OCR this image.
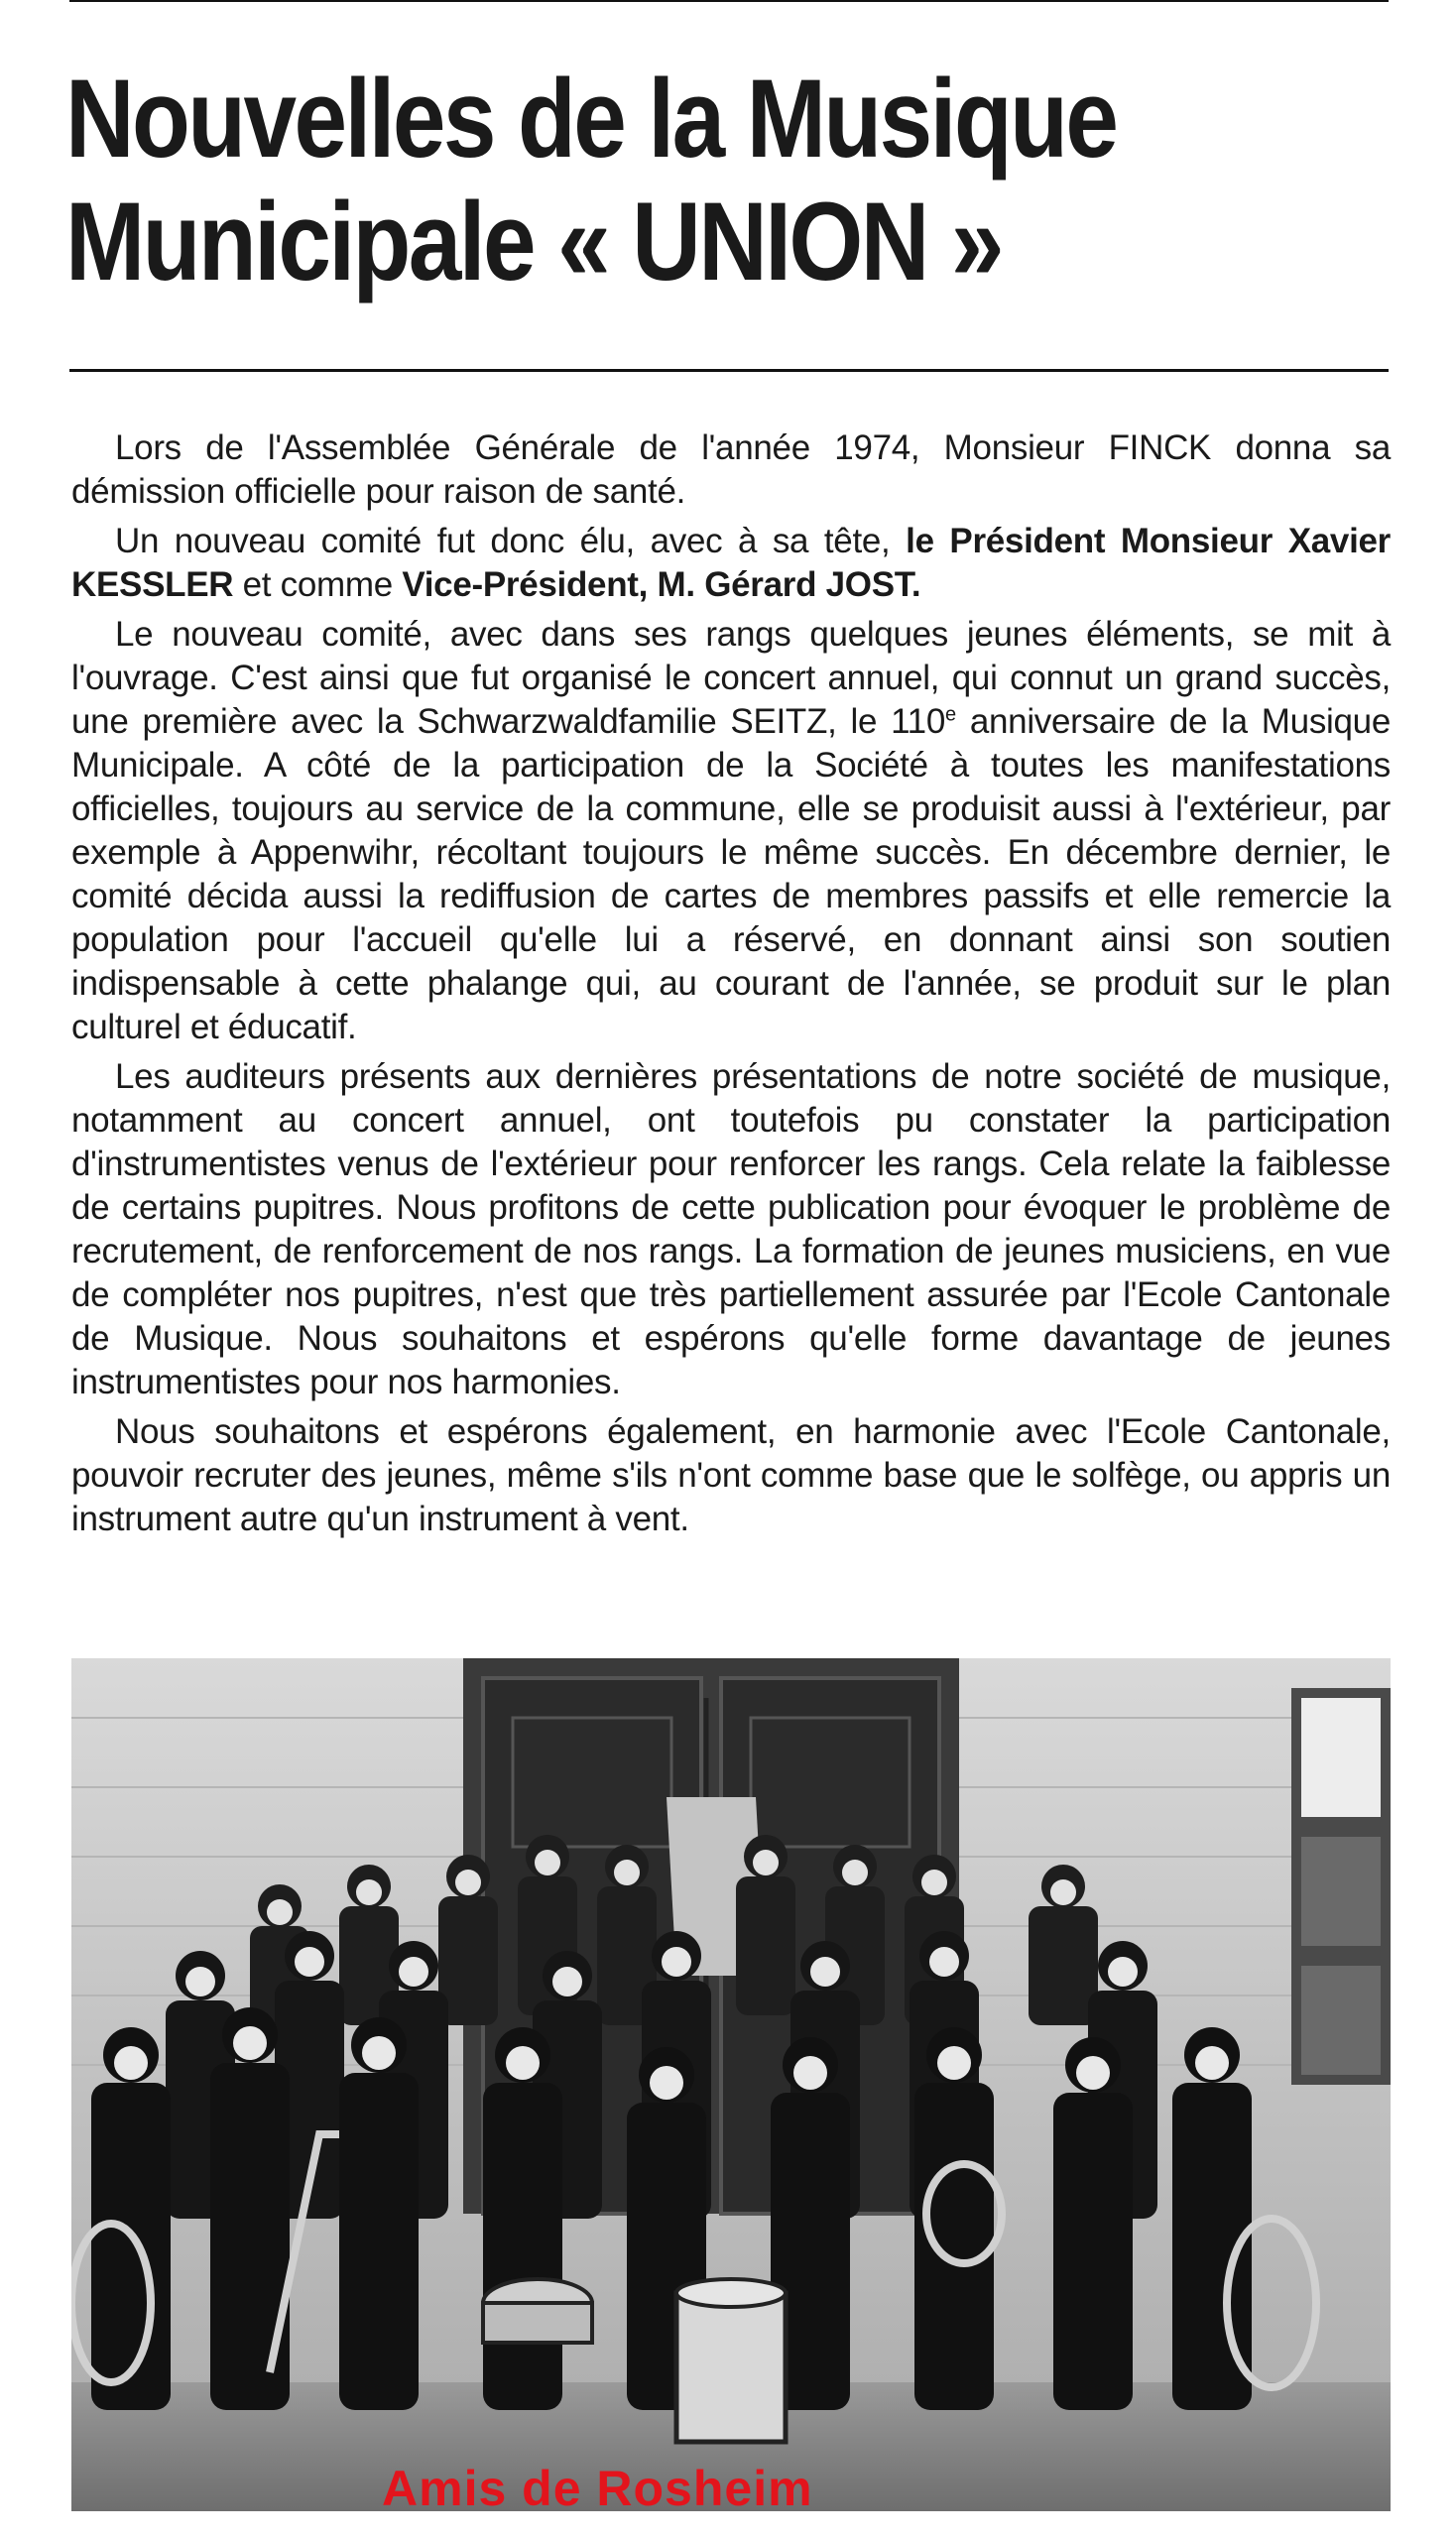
Nouvelles de la Musique
Municipale « UNION »

Lors de l'Assemblée Générale de l'année 1974, Monsieur FINCK donna sa démission officielle pour raison de santé.

Un nouveau comité fut donc élu, avec à sa tête, le Président Monsieur Xavier KESSLER et comme Vice-Président, M. Gérard JOST.

Le nouveau comité, avec dans ses rangs quelques jeunes éléments, se mit à l'ouvrage. C'est ainsi que fut organisé le concert annuel, qui connut un grand succès, une première avec la Schwarzwaldfamilie SEITZ, le 110e anniversaire de la Musique Municipale. A côté de la participation de la Société à toutes les manifestations officielles, toujours au service de la commune, elle se produisit aussi à l'extérieur, par exemple à Appenwihr, récoltant toujours le même succès. En décembre dernier, le comité décida aussi la rediffusion de cartes de membres passifs et elle remercie la population pour l'accueil qu'elle lui a réservé, en donnant ainsi son soutien indispensable à cette phalange qui, au courant de l'année, se produit sur le plan culturel et éducatif.

Les auditeurs présents aux dernières présentations de notre société de musique, notamment au concert annuel, ont toutefois pu constater la participation d'instrumentistes venus de l'extérieur pour renforcer les rangs. Cela relate la faiblesse de certains pupitres. Nous profitons de cette publication pour évoquer le problème de recrutement, de renforcement de nos rangs. La formation de jeunes musiciens, en vue de compléter nos pupitres, n'est que très partiellement assurée par l'Ecole Cantonale de Musique. Nous souhaitons et espérons qu'elle forme davantage de jeunes instrumentistes pour nos harmonies.

Nous souhaitons et espérons également, en harmonie avec l'Ecole Cantonale, pouvoir recruter des jeunes, même s'ils n'ont comme base que le solfège, ou appris un instrument autre qu'un instrument à vent.

Amis de Rosheim
